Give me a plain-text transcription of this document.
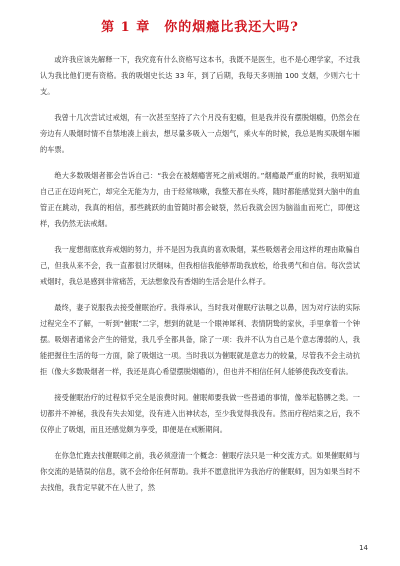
第 1 章　你的烟瘾比我还大吗?

或许我应该先解释一下，我究竟有什么资格写这本书，我既不是医生，也不是心理学家，不过我认为我比他们更有资格。我的吸烟史长达 33 年，到了后期，我每天多则抽 100 支烟，少则六七十支。

我曾十几次尝试过戒烟，有一次甚至坚持了六个月没有犯瘾，但是我并没有摆脱烟瘾，仍然会在旁边有人吸烟时情不自禁地凑上前去，想尽量多吸入一点烟气，乘火车的时候，我总是购买吸烟车厢的车票。

绝大多数吸烟者都会告诉自己：“我会在被烟瘾害死之前戒烟的。”烟瘾最严重的时候，我明知道自己正在迈向死亡，却完全无能为力，由于经常咳嗽，我整天都在头疼，随时都能感觉到大脑中的血管正在跳动，我真的相信，那些跳跃的血管随时都会破裂，然后我就会因为脑溢血而死亡，即便这样，我仍然无法戒烟。

我一度想彻底放弃戒烟的努力，并不是因为我真的喜欢吸烟，某些吸烟者会用这样的理由欺骗自己，但我从来不会，我一直都很讨厌烟味，但我相信我能够帮助我放松，给我勇气和自信。每次尝试戒烟时，我总是感到非常痛苦，无法想象没有香烟的生活会是什么样子。

最终，妻子说服我去接受催眠治疗。我得承认，当时我对催眠疗法嗤之以鼻，因为对疗法的实际过程完全不了解，一听到“催眠”二字，想到的就是一个眼神犀利、表情阴鸷的家伙，手里拿着一个钟摆。吸烟者通常会产生的错觉，我几乎全都具备，除了一项：我并不认为自己是个意志薄弱的人，我能把握住生活的每一方面，除了吸烟这一项。当时我以为催眠就是意志力的较量，尽管我不会主动抗拒（像大多数吸烟者一样，我还是真心希望摆脱烟瘾的），但也并不相信任何人能够使我改变看法。

接受催眠治疗的过程似乎完全是浪费时间。催眠师要我做一些普通的事情，像举起胳膊之类。一切都并不神秘，我没有失去知觉，没有进入出神状态，至少我觉得我没有。然而疗程结束之后，我不仅停止了吸烟，而且还感觉颇为享受，即便是在戒断期间。

在你急忙跑去找催眠师之前，我必须澄清一个概念：催眠疗法只是一种交流方式。如果催眠师与你交流的是错误的信息，就不会给你任何帮助。我并不愿意批评为我治疗的催眠师，因为如果当时不去找他，我肯定早就不在人世了，然

14
